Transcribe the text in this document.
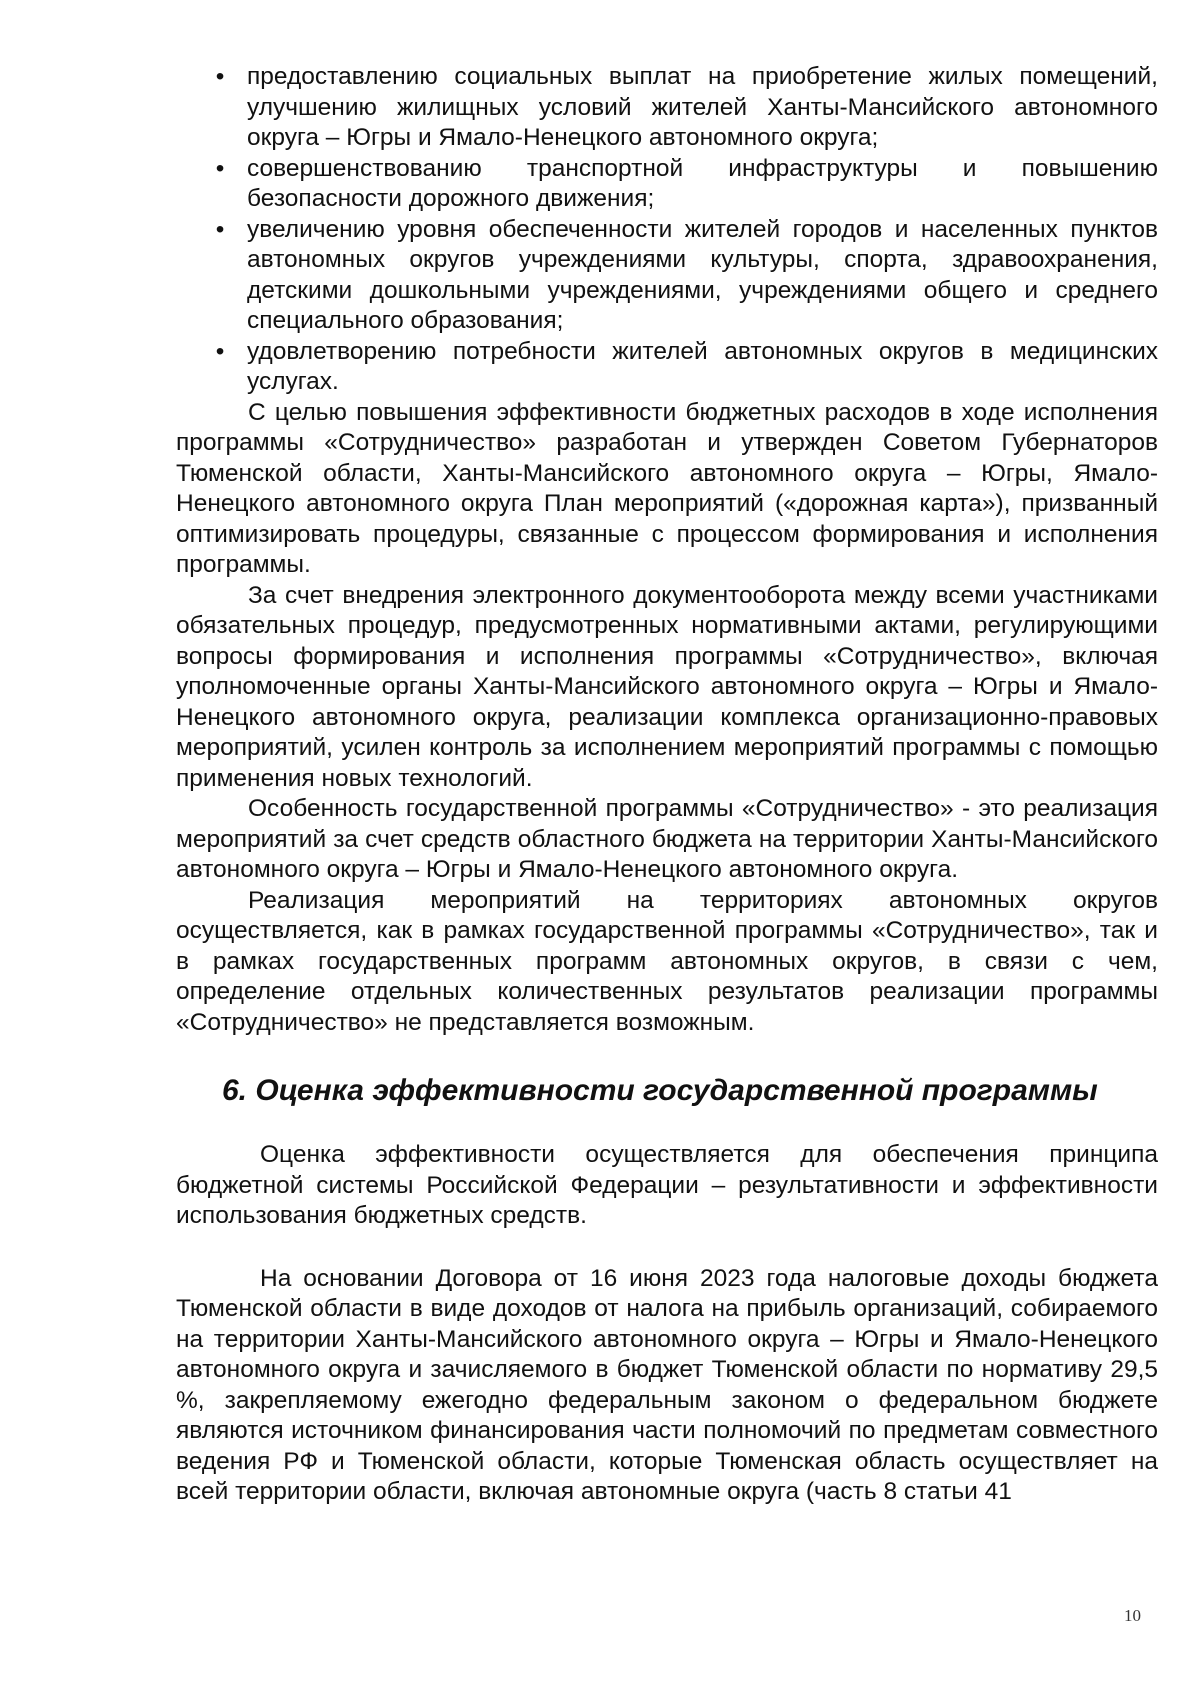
• предоставлению социальных выплат на приобретение жилых помещений, улучшению жилищных условий жителей Ханты-Мансийского автономного округа – Югры и Ямало-Ненецкого автономного округа;
• совершенствованию транспортной инфраструктуры и повышению безопасности дорожного движения;
• увеличению уровня обеспеченности жителей городов и населенных пунктов автономных округов учреждениями культуры, спорта, здравоохранения, детскими дошкольными учреждениями, учреждениями общего и среднего специального образования;
• удовлетворению потребности жителей автономных округов в медицинских услугах.

С целью повышения эффективности бюджетных расходов в ходе исполнения программы «Сотрудничество» разработан и утвержден Советом Губернаторов Тюменской области, Ханты-Мансийского автономного округа – Югры, Ямало-Ненецкого автономного округа План мероприятий («дорожная карта»), призванный оптимизировать процедуры, связанные с процессом формирования и исполнения программы.

За счет внедрения электронного документооборота между всеми участниками обязательных процедур, предусмотренных нормативными актами, регулирующими вопросы формирования и исполнения программы «Сотрудничество», включая уполномоченные органы Ханты-Мансийского автономного округа – Югры и Ямало-Ненецкого автономного округа, реализации комплекса организационно-правовых мероприятий, усилен контроль за исполнением мероприятий программы с помощью применения новых технологий.

Особенность государственной программы «Сотрудничество» - это реализация мероприятий за счет средств областного бюджета на территории Ханты-Мансийского автономного округа – Югры и Ямало-Ненецкого автономного округа.

Реализация мероприятий на территориях автономных округов осуществляется, как в рамках государственной программы «Сотрудничество», так и в рамках государственных программ автономных округов, в связи с чем, определение отдельных количественных результатов реализации программы «Сотрудничество» не представляется возможным.

6. Оценка эффективности государственной программы

Оценка эффективности осуществляется для обеспечения принципа бюджетной системы Российской Федерации – результативности и эффективности использования бюджетных средств.

На основании Договора от 16 июня 2023 года налоговые доходы бюджета Тюменской области в виде доходов от налога на прибыль организаций, собираемого на территории Ханты-Мансийского автономного округа – Югры и Ямало-Ненецкого автономного округа и зачисляемого в бюджет Тюменской области по нормативу 29,5 %, закрепляемому ежегодно федеральным законом о федеральном бюджете являются источником финансирования части полномочий по предметам совместного ведения РФ и Тюменской области, которые Тюменская область осуществляет на всей территории области, включая автономные округа (часть 8 статьи 41

10
